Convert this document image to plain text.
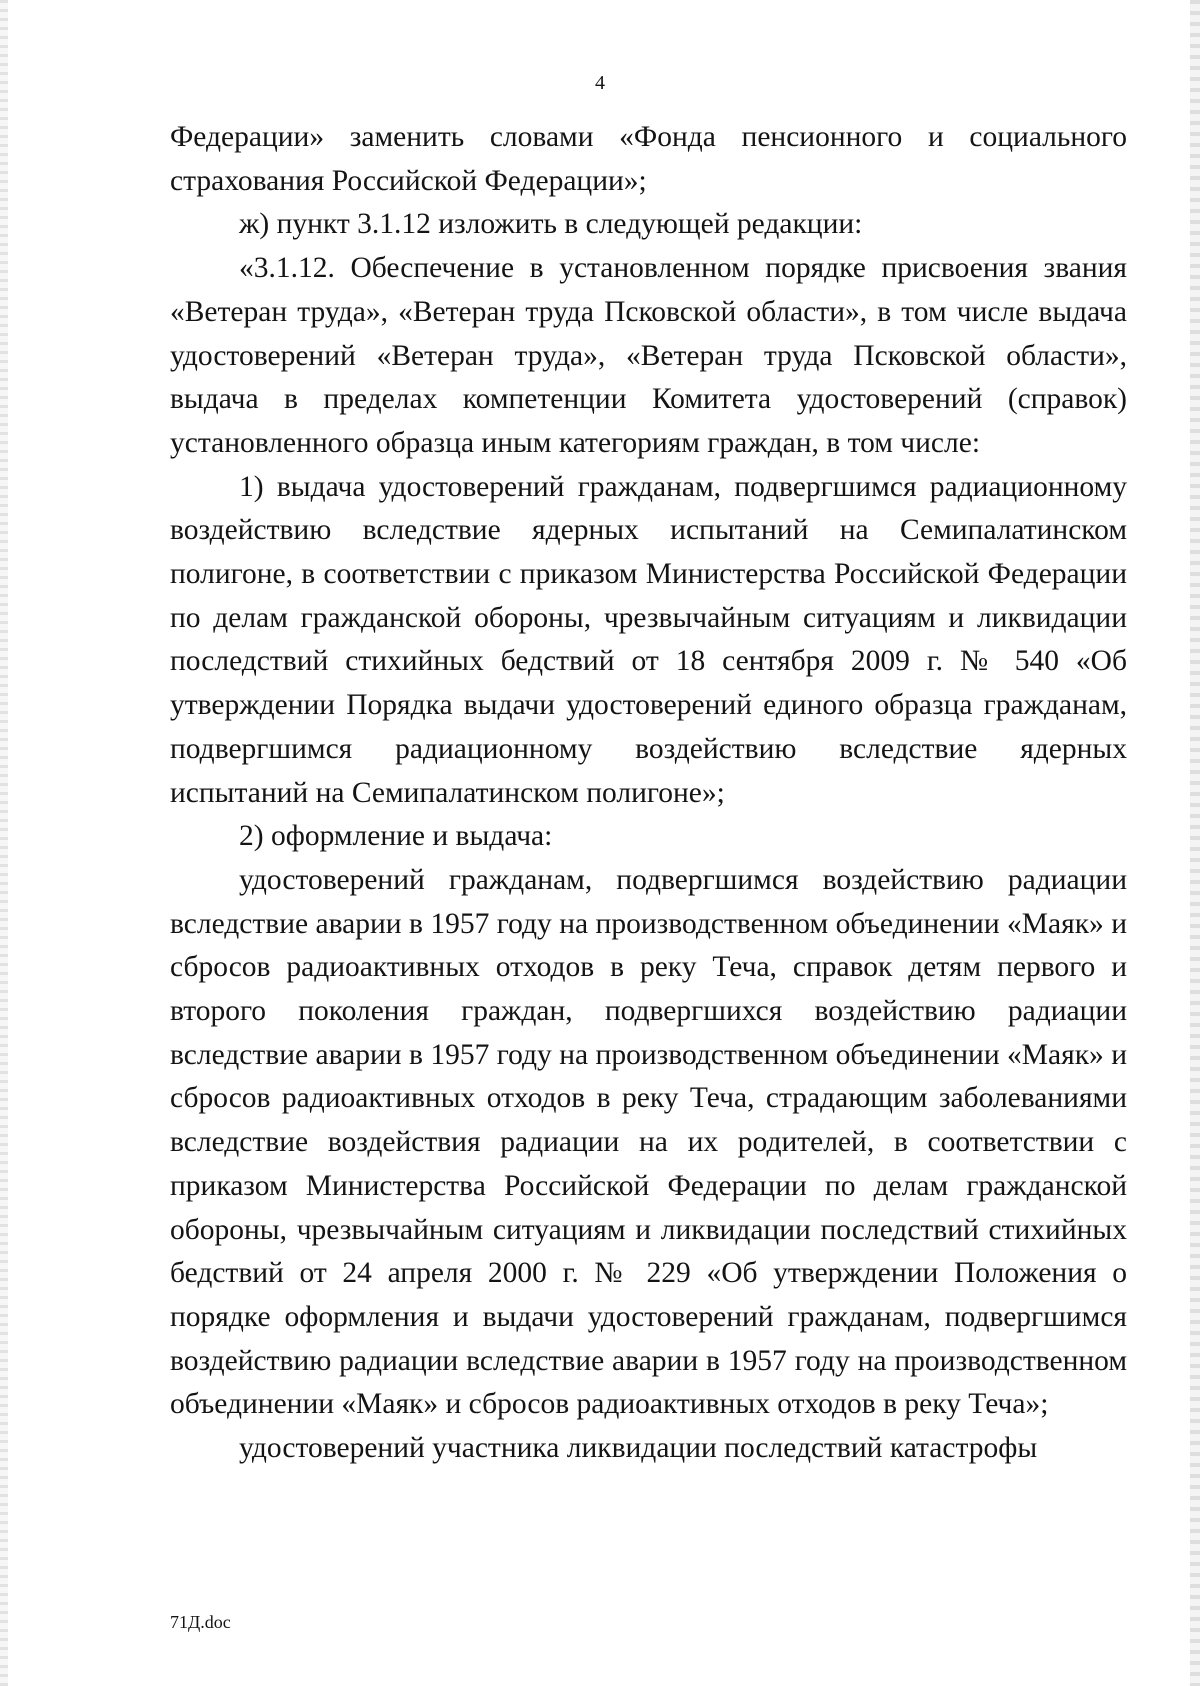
4

Федерации» заменить словами «Фонда пенсионного и социального страхования Российской Федерации»;

ж) пункт 3.1.12 изложить в следующей редакции:

«3.1.12. Обеспечение в установленном порядке присвоения звания «Ветеран труда», «Ветеран труда Псковской области», в том числе выдача удостоверений «Ветеран труда», «Ветеран труда Псковской области», выдача в пределах компетенции Комитета удостоверений (справок) установленного образца иным категориям граждан, в том числе:

1) выдача удостоверений гражданам, подвергшимся радиационному воздействию вследствие ядерных испытаний на Семипалатинском полигоне, в соответствии с приказом Министерства Российской Федерации по делам гражданской обороны, чрезвычайным ситуациям и ликвидации последствий стихийных бедствий от 18 сентября 2009 г. № 540 «Об утверждении Порядка выдачи удостоверений единого образца гражданам, подвергшимся радиационному воздействию вследствие ядерных испытаний на Семипалатинском полигоне»;

2) оформление и выдача:

удостоверений гражданам, подвергшимся воздействию радиации вследствие аварии в 1957 году на производственном объединении «Маяк» и сбросов радиоактивных отходов в реку Теча, справок детям первого и второго поколения граждан, подвергшихся воздействию радиации вследствие аварии в 1957 году на производственном объединении «Маяк» и сбросов радиоактивных отходов в реку Теча, страдающим заболеваниями вследствие воздействия радиации на их родителей, в соответствии с приказом Министерства Российской Федерации по делам гражданской обороны, чрезвычайным ситуациям и ликвидации последствий стихийных бедствий от 24 апреля 2000 г. № 229 «Об утверждении Положения о порядке оформления и выдачи удостоверений гражданам, подвергшимся воздействию радиации вследствие аварии в 1957 году на производственном объединении «Маяк» и сбросов радиоактивных отходов в реку Теча»;

удостоверений участника ликвидации последствий катастрофы

71Д.doc
